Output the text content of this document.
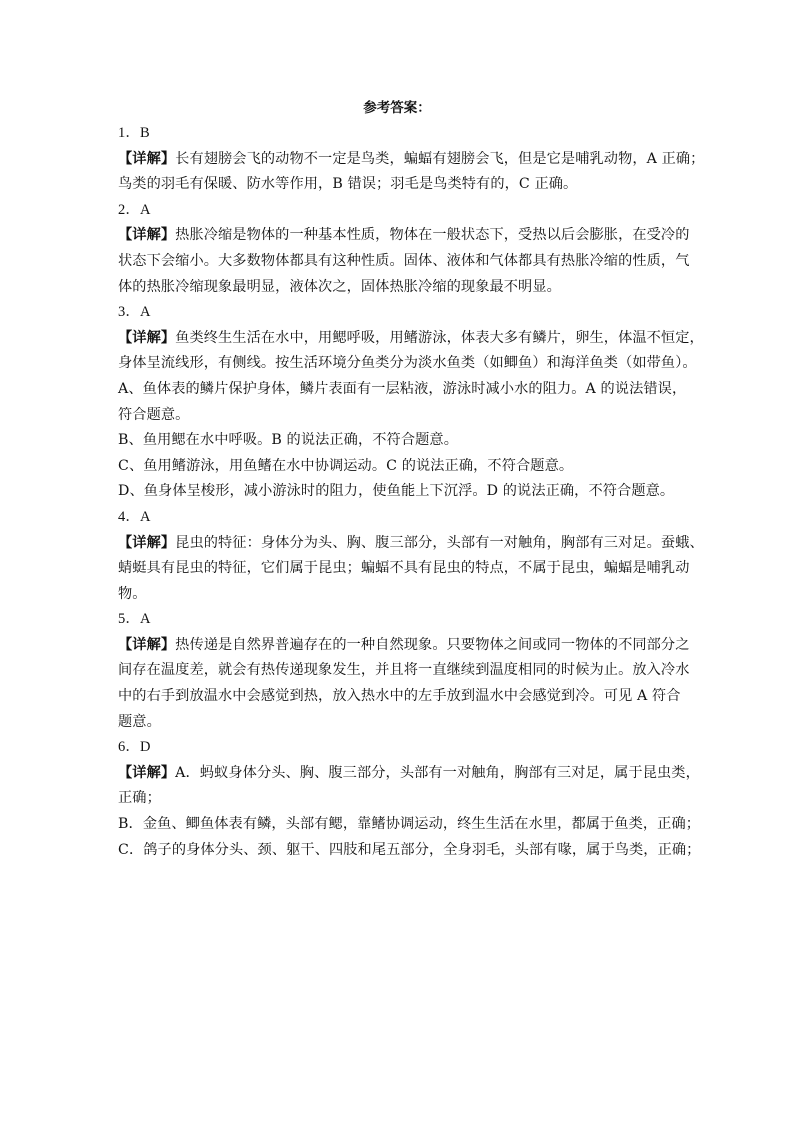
参考答案：
1．B
【详解】长有翅膀会飞的动物不一定是鸟类，蝙蝠有翅膀会飞，但是它是哺乳动物，A 正确；
鸟类的羽毛有保暖、防水等作用，B 错误；羽毛是鸟类特有的，C 正确。
2．A
【详解】热胀冷缩是物体的一种基本性质，物体在一般状态下，受热以后会膨胀，在受冷的
状态下会缩小。大多数物体都具有这种性质。固体、液体和气体都具有热胀冷缩的性质，气
体的热胀冷缩现象最明显，液体次之，固体热胀冷缩的现象最不明显。
3．A
【详解】鱼类终生生活在水中，用鳃呼吸，用鳍游泳，体表大多有鳞片，卵生，体温不恒定，
身体呈流线形，有侧线。按生活环境分鱼类分为淡水鱼类（如鲫鱼）和海洋鱼类（如带鱼）。
A、鱼体表的鳞片保护身体，鳞片表面有一层粘液，游泳时减小水的阻力。A 的说法错误，
符合题意。
B、鱼用鳃在水中呼吸。B 的说法正确，不符合题意。
C、鱼用鳍游泳，用鱼鳍在水中协调运动。C 的说法正确，不符合题意。
D、鱼身体呈梭形，减小游泳时的阻力，使鱼能上下沉浮。D 的说法正确，不符合题意。
4．A
【详解】昆虫的特征：身体分为头、胸、腹三部分，头部有一对触角，胸部有三对足。蚕蛾、
蜻蜓具有昆虫的特征，它们属于昆虫；蝙蝠不具有昆虫的特点，不属于昆虫，蝙蝠是哺乳动
物。
5．A
【详解】热传递是自然界普遍存在的一种自然现象。只要物体之间或同一物体的不同部分之
间存在温度差，就会有热传递现象发生，并且将一直继续到温度相同的时候为止。放入冷水
中的右手到放温水中会感觉到热，放入热水中的左手放到温水中会感觉到冷。可见 A 符合
题意。
6．D
【详解】A．蚂蚁身体分头、胸、腹三部分，头部有一对触角，胸部有三对足，属于昆虫类，
正确；
B．金鱼、鲫鱼体表有鳞，头部有鳃，靠鳍协调运动，终生生活在水里，都属于鱼类，正确；
C．鸽子的身体分头、颈、躯干、四肢和尾五部分，全身羽毛，头部有喙，属于鸟类，正确；
